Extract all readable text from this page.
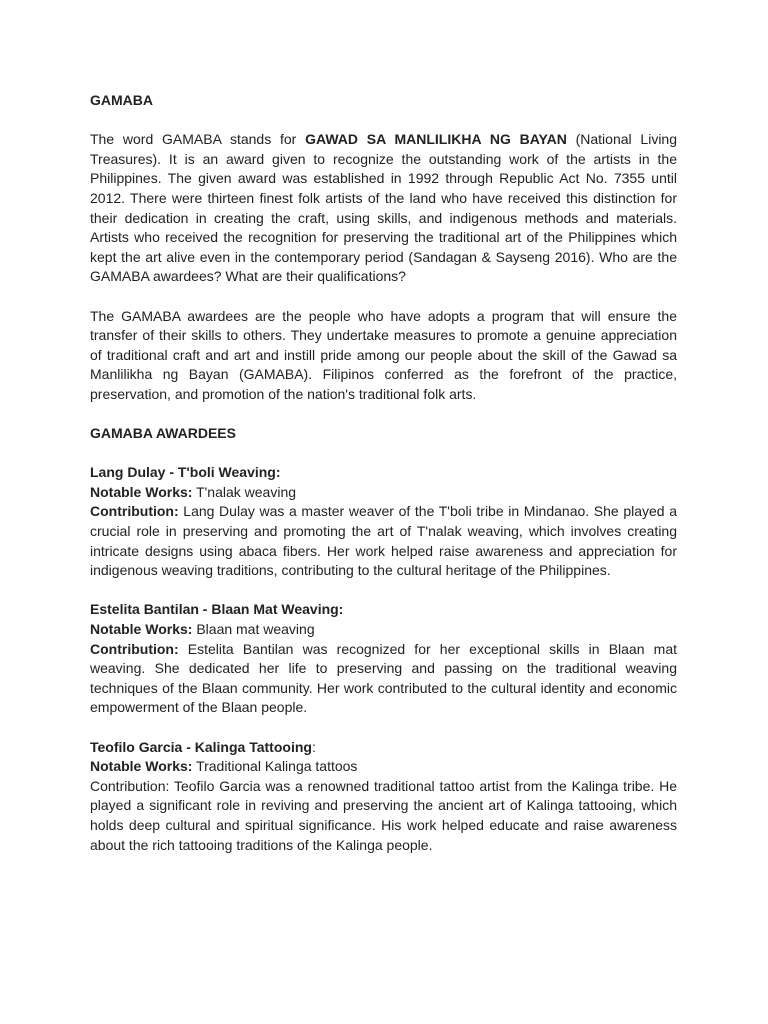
GAMABA

The word GAMABA stands for GAWAD SA MANLILIKHA NG BAYAN (National Living Treasures). It is an award given to recognize the outstanding work of the artists in the Philippines. The given award was established in 1992 through Republic Act No. 7355 until 2012. There were thirteen finest folk artists of the land who have received this distinction for their dedication in creating the craft, using skills, and indigenous methods and materials. Artists who received the recognition for preserving the traditional art of the Philippines which kept the art alive even in the contemporary period (Sandagan & Sayseng 2016). Who are the GAMABA awardees? What are their qualifications?

The GAMABA awardees are the people who have adopts a program that will ensure the transfer of their skills to others. They undertake measures to promote a genuine appreciation of traditional craft and art and instill pride among our people about the skill of the Gawad sa Manlilikha ng Bayan (GAMABA). Filipinos conferred as the forefront of the practice, preservation, and promotion of the nation's traditional folk arts.

GAMABA AWARDEES
Lang Dulay - T'boli Weaving:

Notable Works: T'nalak weaving

Contribution: Lang Dulay was a master weaver of the T'boli tribe in Mindanao. She played a crucial role in preserving and promoting the art of T'nalak weaving, which involves creating intricate designs using abaca fibers. Her work helped raise awareness and appreciation for indigenous weaving traditions, contributing to the cultural heritage of the Philippines.

Estelita Bantilan - Blaan Mat Weaving:

Notable Works: Blaan mat weaving

Contribution: Estelita Bantilan was recognized for her exceptional skills in Blaan mat weaving. She dedicated her life to preserving and passing on the traditional weaving techniques of the Blaan community. Her work contributed to the cultural identity and economic empowerment of the Blaan people.

Teofilo Garcia - Kalinga Tattooing:

Notable Works: Traditional Kalinga tattoos

Contribution: Teofilo Garcia was a renowned traditional tattoo artist from the Kalinga tribe. He played a significant role in reviving and preserving the ancient art of Kalinga tattooing, which holds deep cultural and spiritual significance. His work helped educate and raise awareness about the rich tattooing traditions of the Kalinga people.
